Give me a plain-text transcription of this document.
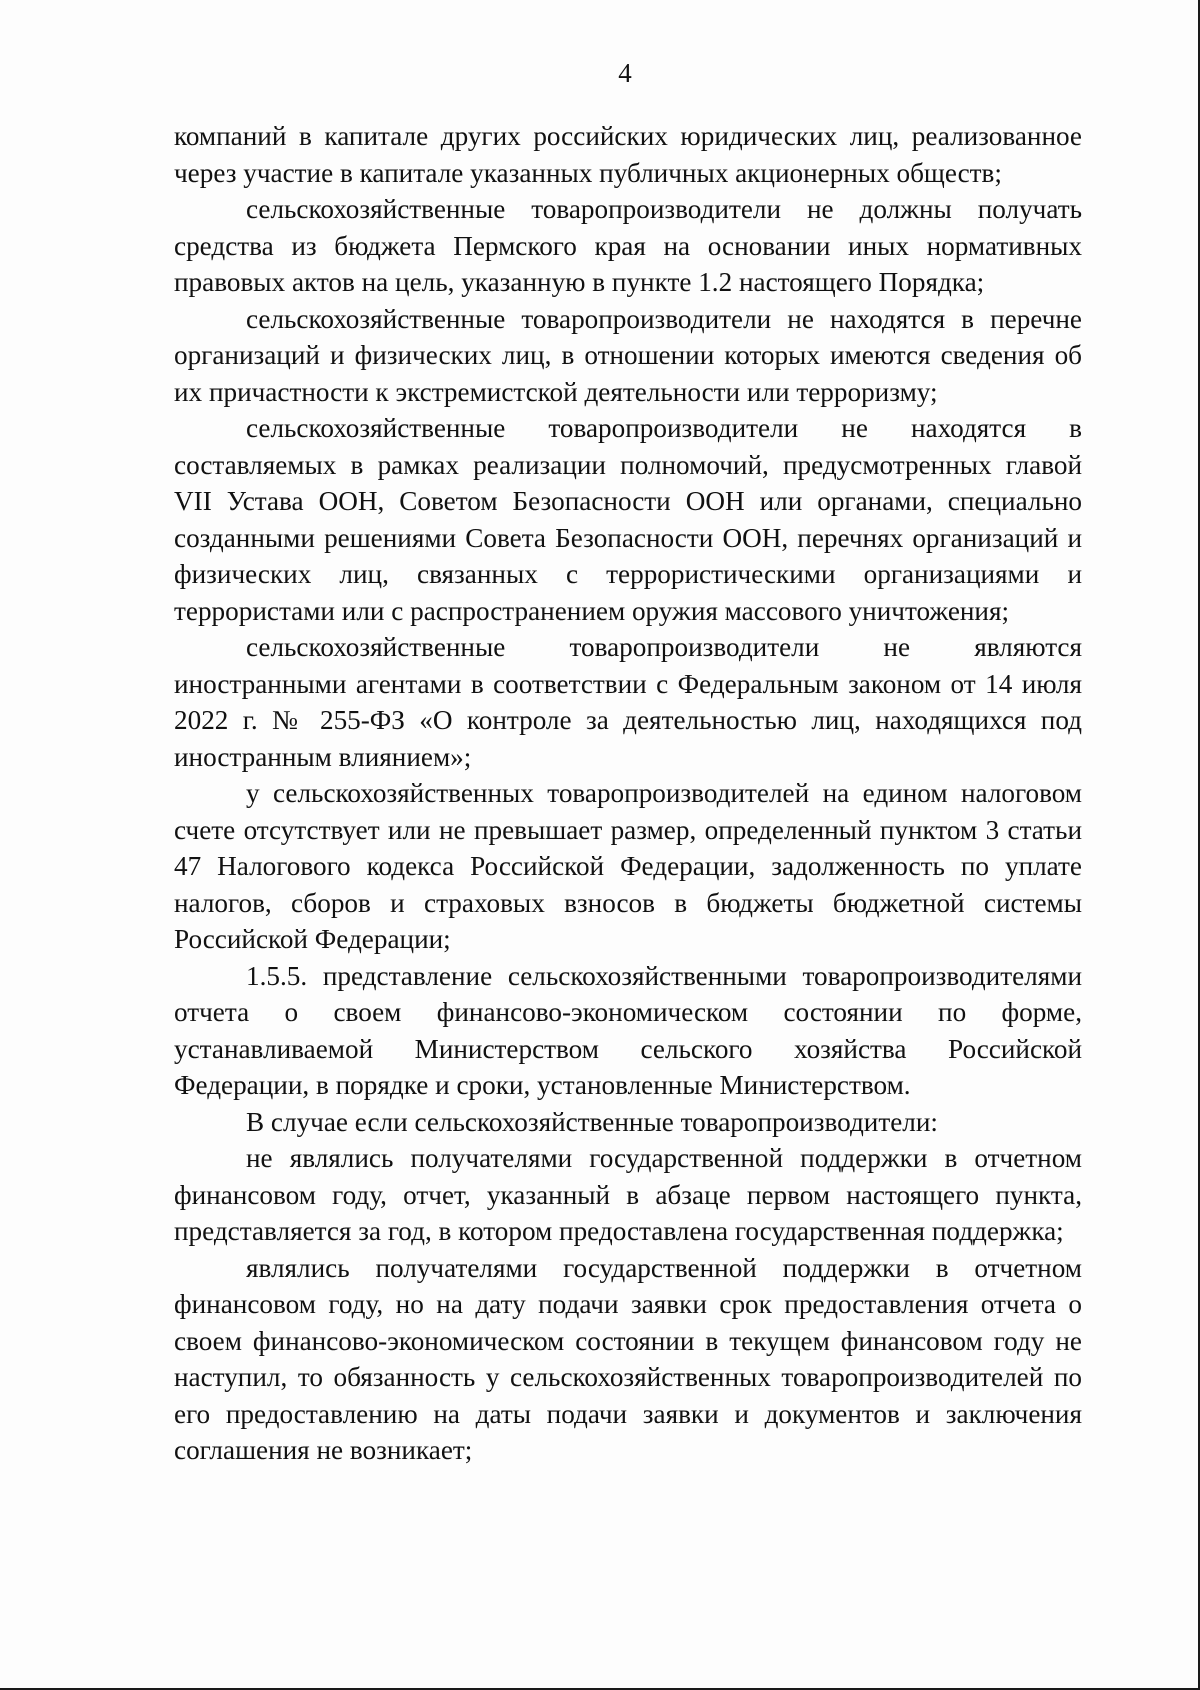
4

компаний в капитале других российских юридических лиц, реализованное через участие в капитале указанных публичных акционерных обществ;

сельскохозяйственные товаропроизводители не должны получать средства из бюджета Пермского края на основании иных нормативных правовых актов на цель, указанную в пункте 1.2 настоящего Порядка;

сельскохозяйственные товаропроизводители не находятся в перечне организаций и физических лиц, в отношении которых имеются сведения об их причастности к экстремистской деятельности или терроризму;

сельскохозяйственные товаропроизводители не находятся в составляемых в рамках реализации полномочий, предусмотренных главой VII Устава ООН, Советом Безопасности ООН или органами, специально созданными решениями Совета Безопасности ООН, перечнях организаций и физических лиц, связанных с террористическими организациями и террористами или с распространением оружия массового уничтожения;

сельскохозяйственные товаропроизводители не являются иностранными агентами в соответствии с Федеральным законом от 14 июля 2022 г. № 255-ФЗ «О контроле за деятельностью лиц, находящихся под иностранным влиянием»;

у сельскохозяйственных товаропроизводителей на едином налоговом счете отсутствует или не превышает размер, определенный пунктом 3 статьи 47 Налогового кодекса Российской Федерации, задолженность по уплате налогов, сборов и страховых взносов в бюджеты бюджетной системы Российской Федерации;

1.5.5. представление сельскохозяйственными товаропроизводителями отчета о своем финансово-экономическом состоянии по форме, устанавливаемой Министерством сельского хозяйства Российской Федерации, в порядке и сроки, установленные Министерством.

В случае если сельскохозяйственные товаропроизводители:

не являлись получателями государственной поддержки в отчетном финансовом году, отчет, указанный в абзаце первом настоящего пункта, представляется за год, в котором предоставлена государственная поддержка;

являлись получателями государственной поддержки в отчетном финансовом году, но на дату подачи заявки срок предоставления отчета о своем финансово-экономическом состоянии в текущем финансовом году не наступил, то обязанность у сельскохозяйственных товаропроизводителей по его предоставлению на даты подачи заявки и документов и заключения соглашения не возникает;
